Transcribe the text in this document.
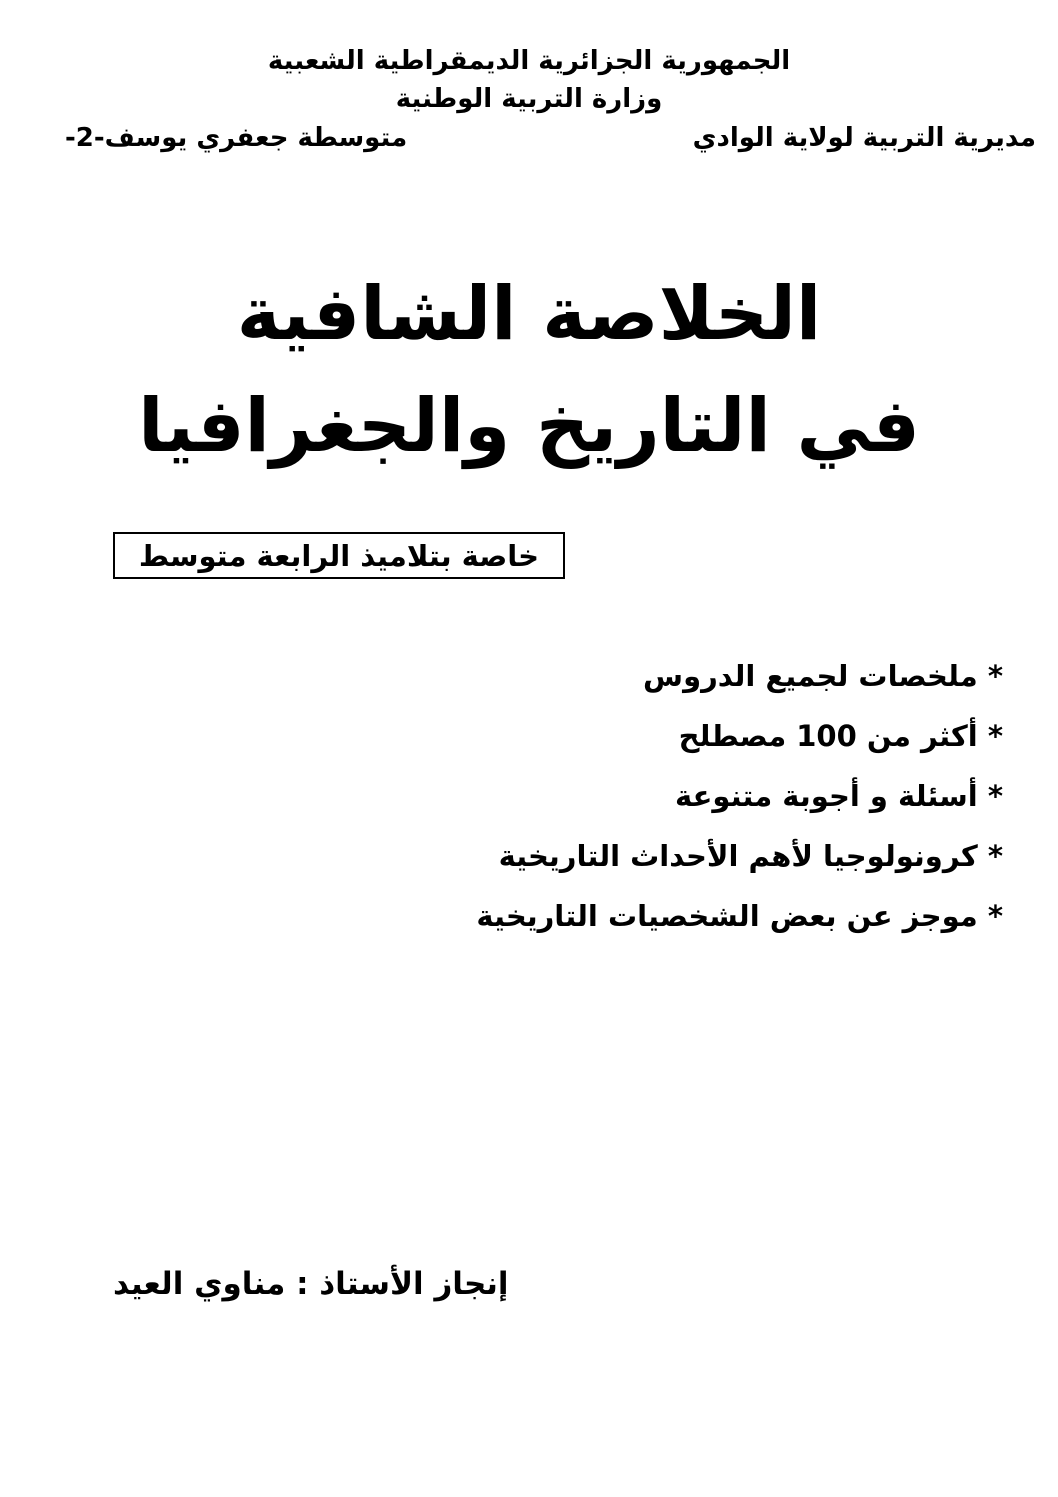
الجمهورية الجزائرية الديمقراطية الشعبية
وزارة التربية الوطنية
مديرية التربية لولاية الوادي
متوسطة جعفري يوسف-2-
الخلاصة الشافية
في التاريخ والجغرافيا
خاصة بتلاميذ الرابعة متوسط
* ملخصات لجميع الدروس
* أكثر من 100 مصطلح
* أسئلة و أجوبة متنوعة
* كرونولوجيا لأهم الأحداث التاريخية
* موجز عن بعض الشخصيات التاريخية
إنجاز الأستاذ : مناوي العيد
